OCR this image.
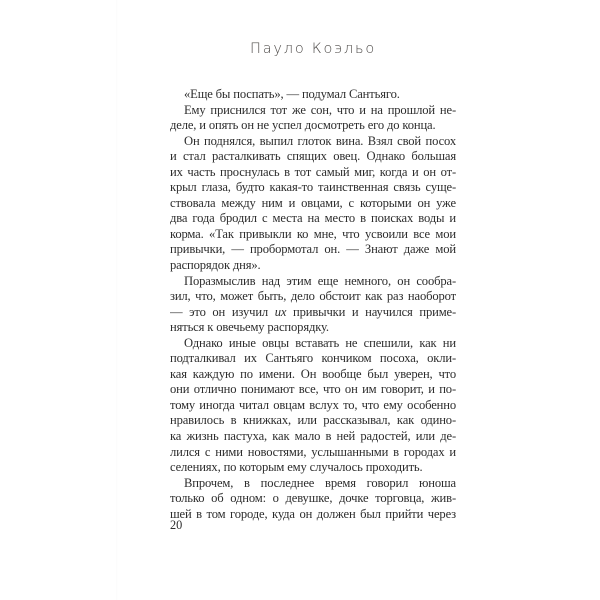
Пауло Коэльо
«Еще бы поспать», — подумал Сантьяго.
Ему приснился тот же сон, что и на прошлой не-
деле, и опять он не успел досмотреть его до конца.
Он поднялся, выпил глоток вина. Взял свой посох
и стал расталкивать спящих овец. Однако большая
их часть проснулась в тот самый миг, когда и он от-
крыл глаза, будто какая-то таинственная связь суще-
ствовала между ним и овцами, с которыми он уже
два года бродил с места на место в поисках воды и
корма. «Так привыкли ко мне, что усвоили все мои
привычки, — пробормотал он. — Знают даже мой
распорядок дня».
Поразмыслив над этим еще немного, он сообра-
зил, что, может быть, дело обстоит как раз наоборот
— это он изучил их привычки и научился приме-
няться к овечьему распорядку.
Однако иные овцы вставать не спешили, как ни
подталкивал их Сантьяго кончиком посоха, окли-
кая каждую по имени. Он вообще был уверен, что
они отлично понимают все, что он им говорит, и по-
тому иногда читал овцам вслух то, что ему особенно
нравилось в книжках, или рассказывал, как одино-
ка жизнь пастуха, как мало в ней радостей, или де-
лился с ними новостями, услышанными в городах и
селениях, по которым ему случалось проходить.
Впрочем, в последнее время говорил юноша
только об одном: о девушке, дочке торговца, жив-
шей в том городе, куда он должен был прийти через
20
